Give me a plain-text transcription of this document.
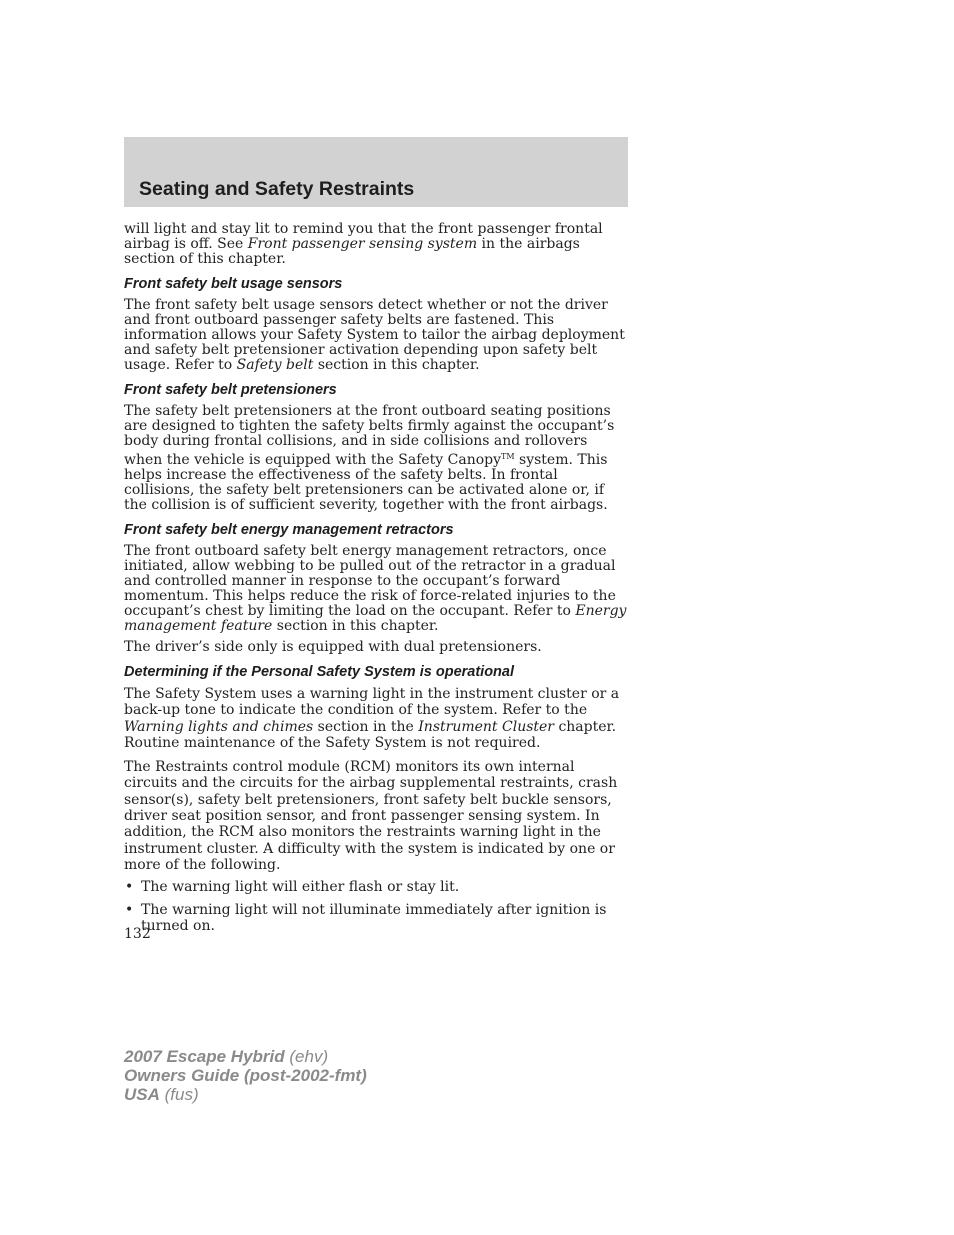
Seating and Safety Restraints

will light and stay lit to remind you that the front passenger frontal airbag is off. See Front passenger sensing system in the airbags section of this chapter.

Front safety belt usage sensors

The front safety belt usage sensors detect whether or not the driver and front outboard passenger safety belts are fastened. This information allows your Safety System to tailor the airbag deployment and safety belt pretensioner activation depending upon safety belt usage. Refer to Safety belt section in this chapter.

Front safety belt pretensioners

The safety belt pretensioners at the front outboard seating positions are designed to tighten the safety belts firmly against the occupant’s body during frontal collisions, and in side collisions and rollovers when the vehicle is equipped with the Safety Canopy™ system. This helps increase the effectiveness of the safety belts. In frontal collisions, the safety belt pretensioners can be activated alone or, if the collision is of sufficient severity, together with the front airbags.

Front safety belt energy management retractors

The front outboard safety belt energy management retractors, once initiated, allow webbing to be pulled out of the retractor in a gradual and controlled manner in response to the occupant’s forward momentum. This helps reduce the risk of force-related injuries to the occupant’s chest by limiting the load on the occupant. Refer to Energy management feature section in this chapter.

The driver’s side only is equipped with dual pretensioners.

Determining if the Personal Safety System is operational

The Safety System uses a warning light in the instrument cluster or a back-up tone to indicate the condition of the system. Refer to the Warning lights and chimes section in the Instrument Cluster chapter. Routine maintenance of the Safety System is not required.

The Restraints control module (RCM) monitors its own internal circuits and the circuits for the airbag supplemental restraints, crash sensor(s), safety belt pretensioners, front safety belt buckle sensors, driver seat position sensor, and front passenger sensing system. In addition, the RCM also monitors the restraints warning light in the instrument cluster. A difficulty with the system is indicated by one or more of the following.

• The warning light will either flash or stay lit.
• The warning light will not illuminate immediately after ignition is turned on.
132
2007 Escape Hybrid (ehv)
Owners Guide (post-2002-fmt)
USA (fus)
